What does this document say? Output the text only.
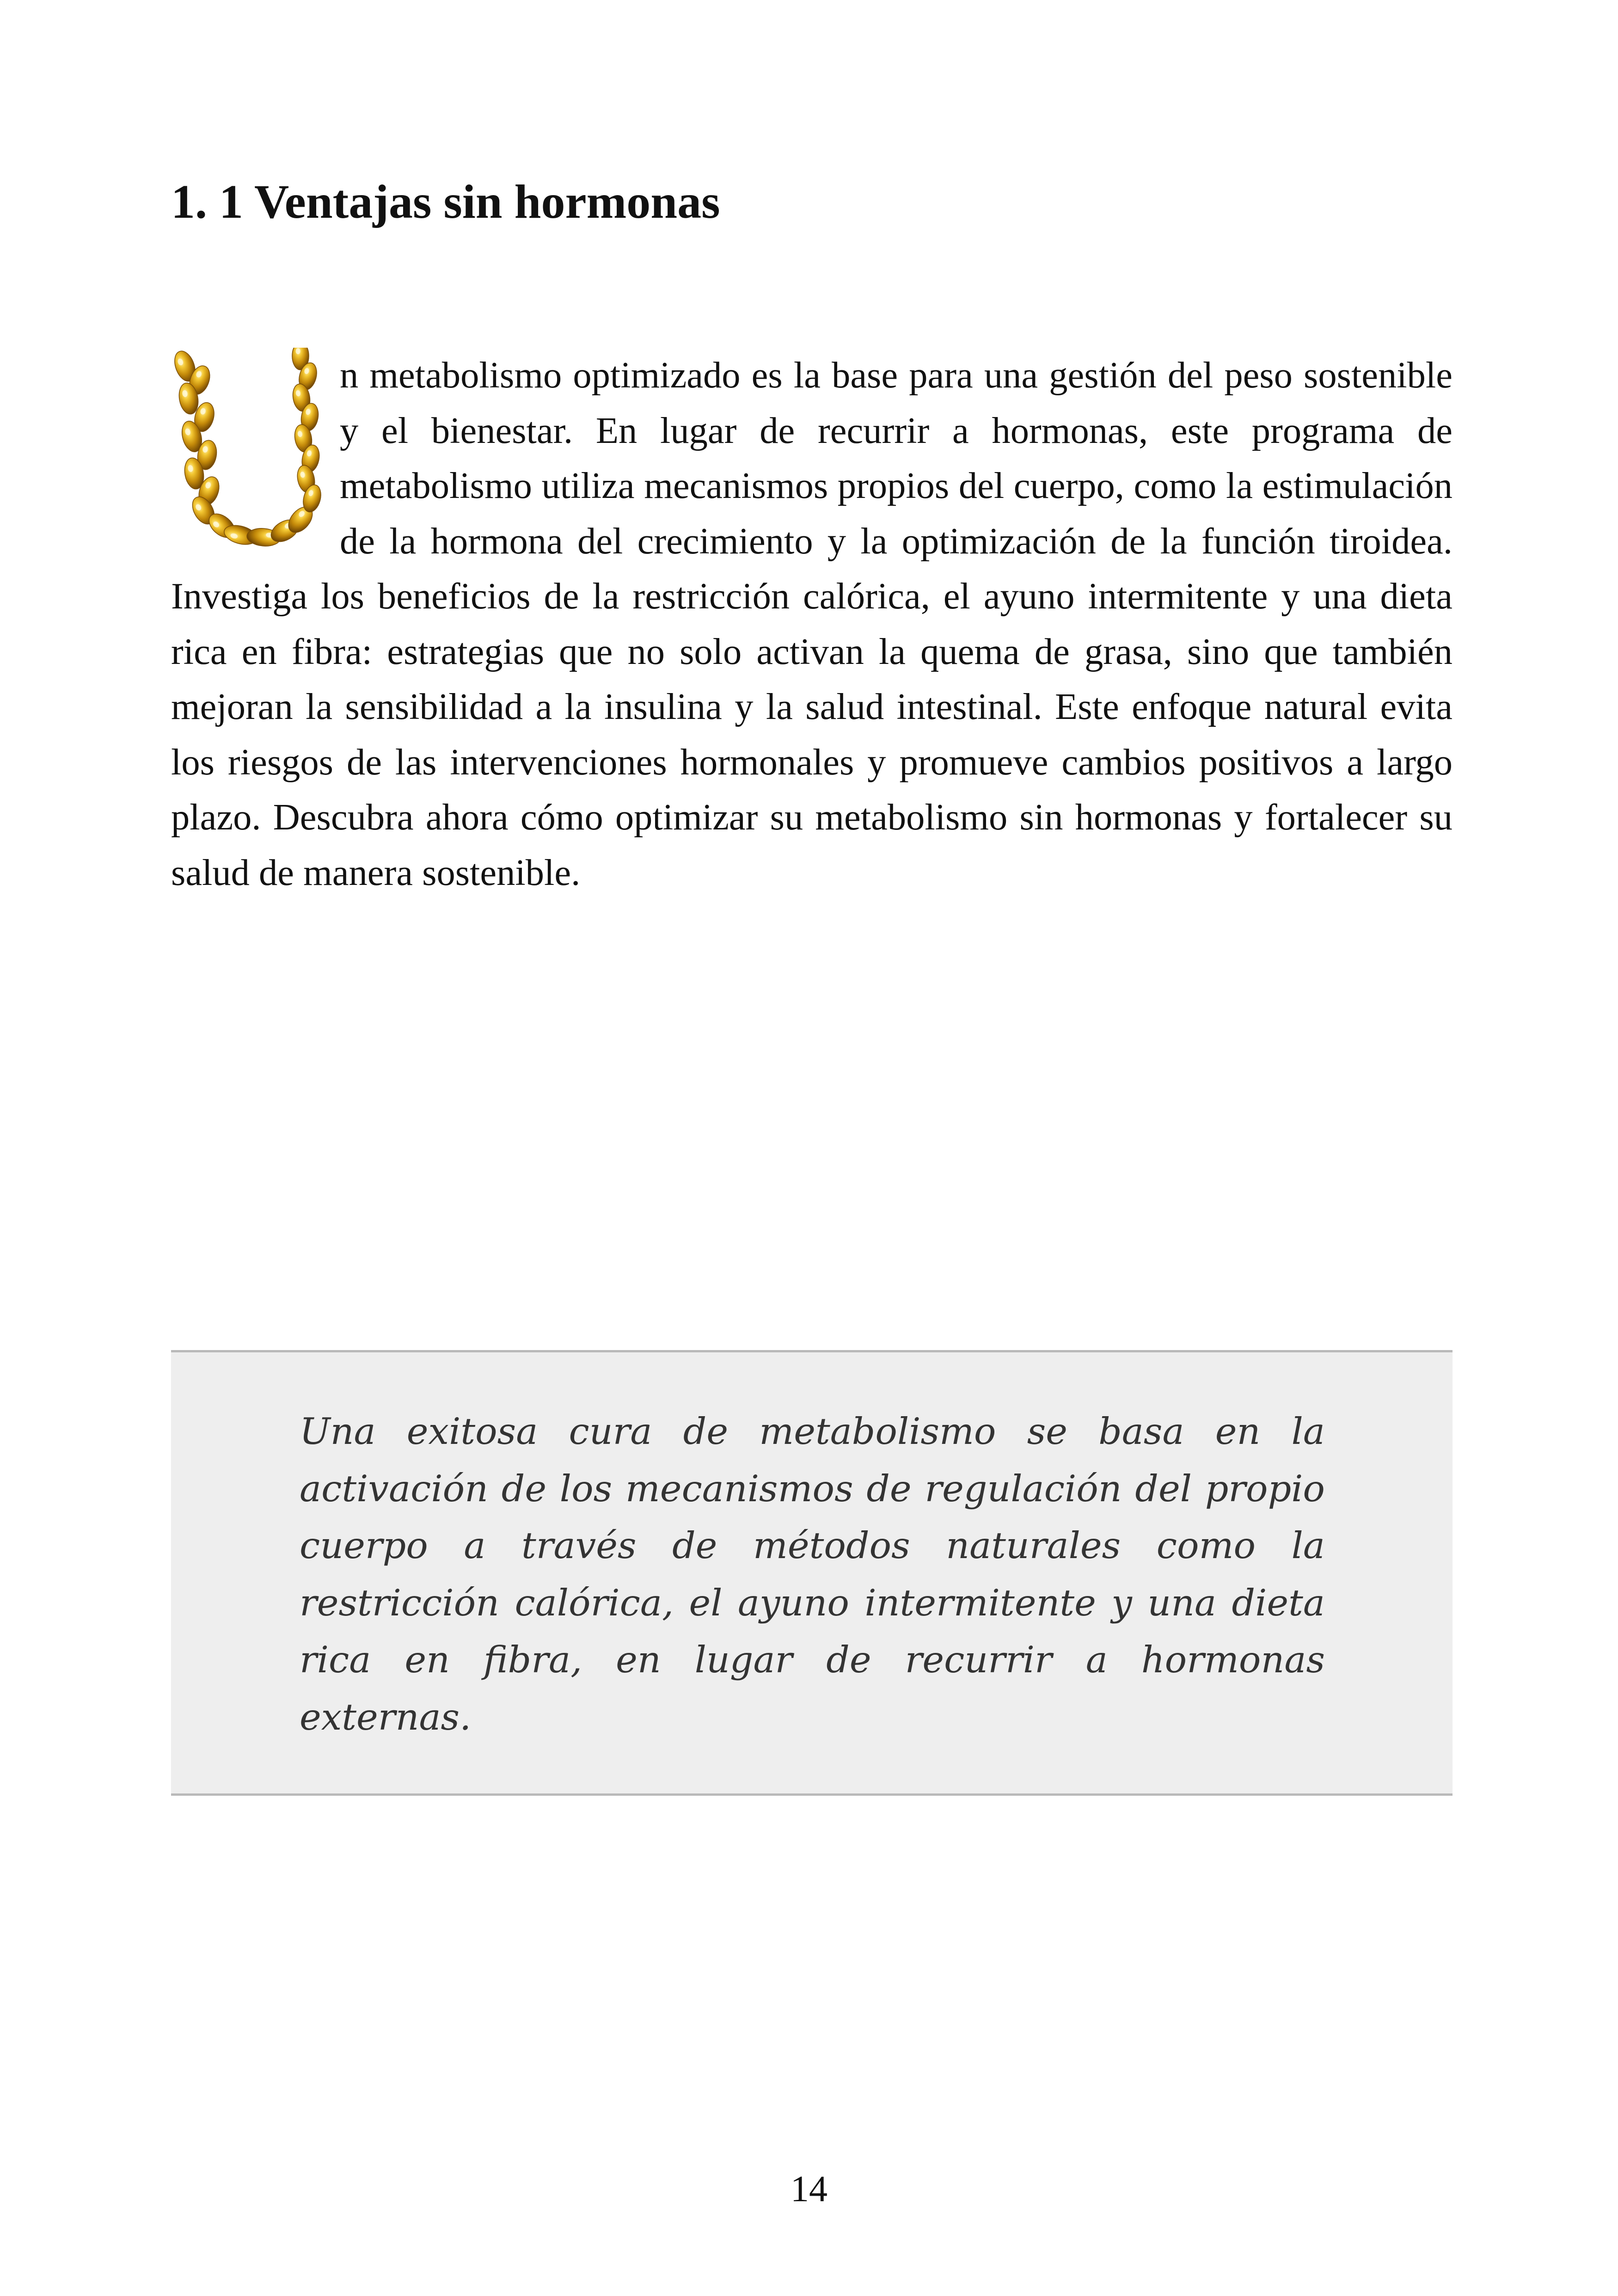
1. 1 Ventajas sin hormonas

n metabolismo optimizado es la base para una gestión del peso sostenible y el bienestar. En lugar de recurrir a hormonas, este programa de metabolismo utiliza mecanismos propios del cuerpo, como la estimulación de la hormona del crecimiento y la optimización de la función tiroidea. Investiga los beneficios de la restricción calórica, el ayuno intermitente y una dieta rica en fibra: estrategias que no solo activan la quema de grasa, sino que también mejoran la sensibilidad a la insulina y la salud intestinal. Este enfoque natural evita los riesgos de las intervenciones hormonales y promueve cambios positivos a largo plazo. Descubra ahora cómo optimizar su metabolismo sin hormonas y fortalecer su salud de manera sostenible.

Una exitosa cura de metabolismo se basa en la activación de los mecanismos de regulación del propio cuerpo a través de métodos naturales como la restricción calórica, el ayuno intermitente y una dieta rica en fibra, en lugar de recurrir a hormonas externas.

14
